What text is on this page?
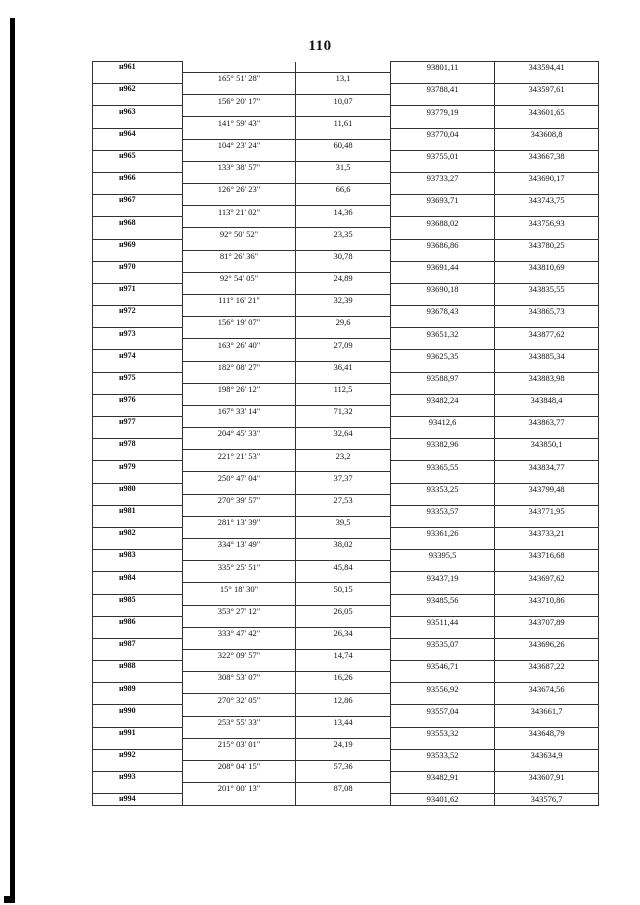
110
н961			93801,11	343594,41
	165° 51' 28"	13,1		
н962			93788,41	343597,61
	156° 20' 17"	10,07		
н963			93779,19	343601,65
	141° 59' 43"	11,61		
н964			93770,04	343608,8
	104° 23' 24"	60,48		
н965			93755,01	343667,38
	133° 38' 57"	31,5		
н966			93733,27	343690,17
	126° 26' 23"	66,6		
н967			93693,71	343743,75
	113° 21' 02"	14,36		
н968			93688,02	343756,93
	92° 50' 52"	23,35		
н969			93686,86	343780,25
	81° 26' 36"	30,78		
н970			93691,44	343810,69
	92° 54' 05"	24,89		
н971			93690,18	343835,55
	111° 16' 21"	32,39		
н972			93678,43	343865,73
	156° 19' 07"	29,6		
н973			93651,32	343877,62
	163° 26' 40"	27,09		
н974			93625,35	343885,34
	182° 08' 27"	36,41		
н975			93588,97	343883,98
	198° 26' 12"	112,5		
н976			93482,24	343848,4
	167° 33' 14"	71,32		
н977			93412,6	343863,77
	204° 45' 33"	32,64		
н978			93382,96	343850,1
	221° 21' 53"	23,2		
н979			93365,55	343834,77
	250° 47' 04"	37,37		
н980			93353,25	343799,48
	270° 39' 57"	27,53		
н981			93353,57	343771,95
	281° 13' 39"	39,5		
н982			93361,26	343733,21
	334° 13' 49"	38,02		
н983			93395,5	343716,68
	335° 25' 51"	45,84		
н984			93437,19	343697,62
	15° 18' 30"	50,15		
н985			93485,56	343710,86
	353° 27' 12"	26,05		
н986			93511,44	343707,89
	333° 47' 42"	26,34		
н987			93535,07	343696,26
	322° 09' 57"	14,74		
н988			93546,71	343687,22
	308° 53' 07"	16,26		
н989			93556,92	343674,56
	270° 32' 05"	12,86		
н990			93557,04	343661,7
	253° 55' 33"	13,44		
н991			93553,32	343648,79
	215° 03' 01"	24,19		
н992			93533,52	343634,9
	208° 04' 15"	57,36		
н993			93482,91	343607,91
	201° 00' 13"	87,08		
н994			93401,62	343576,7
